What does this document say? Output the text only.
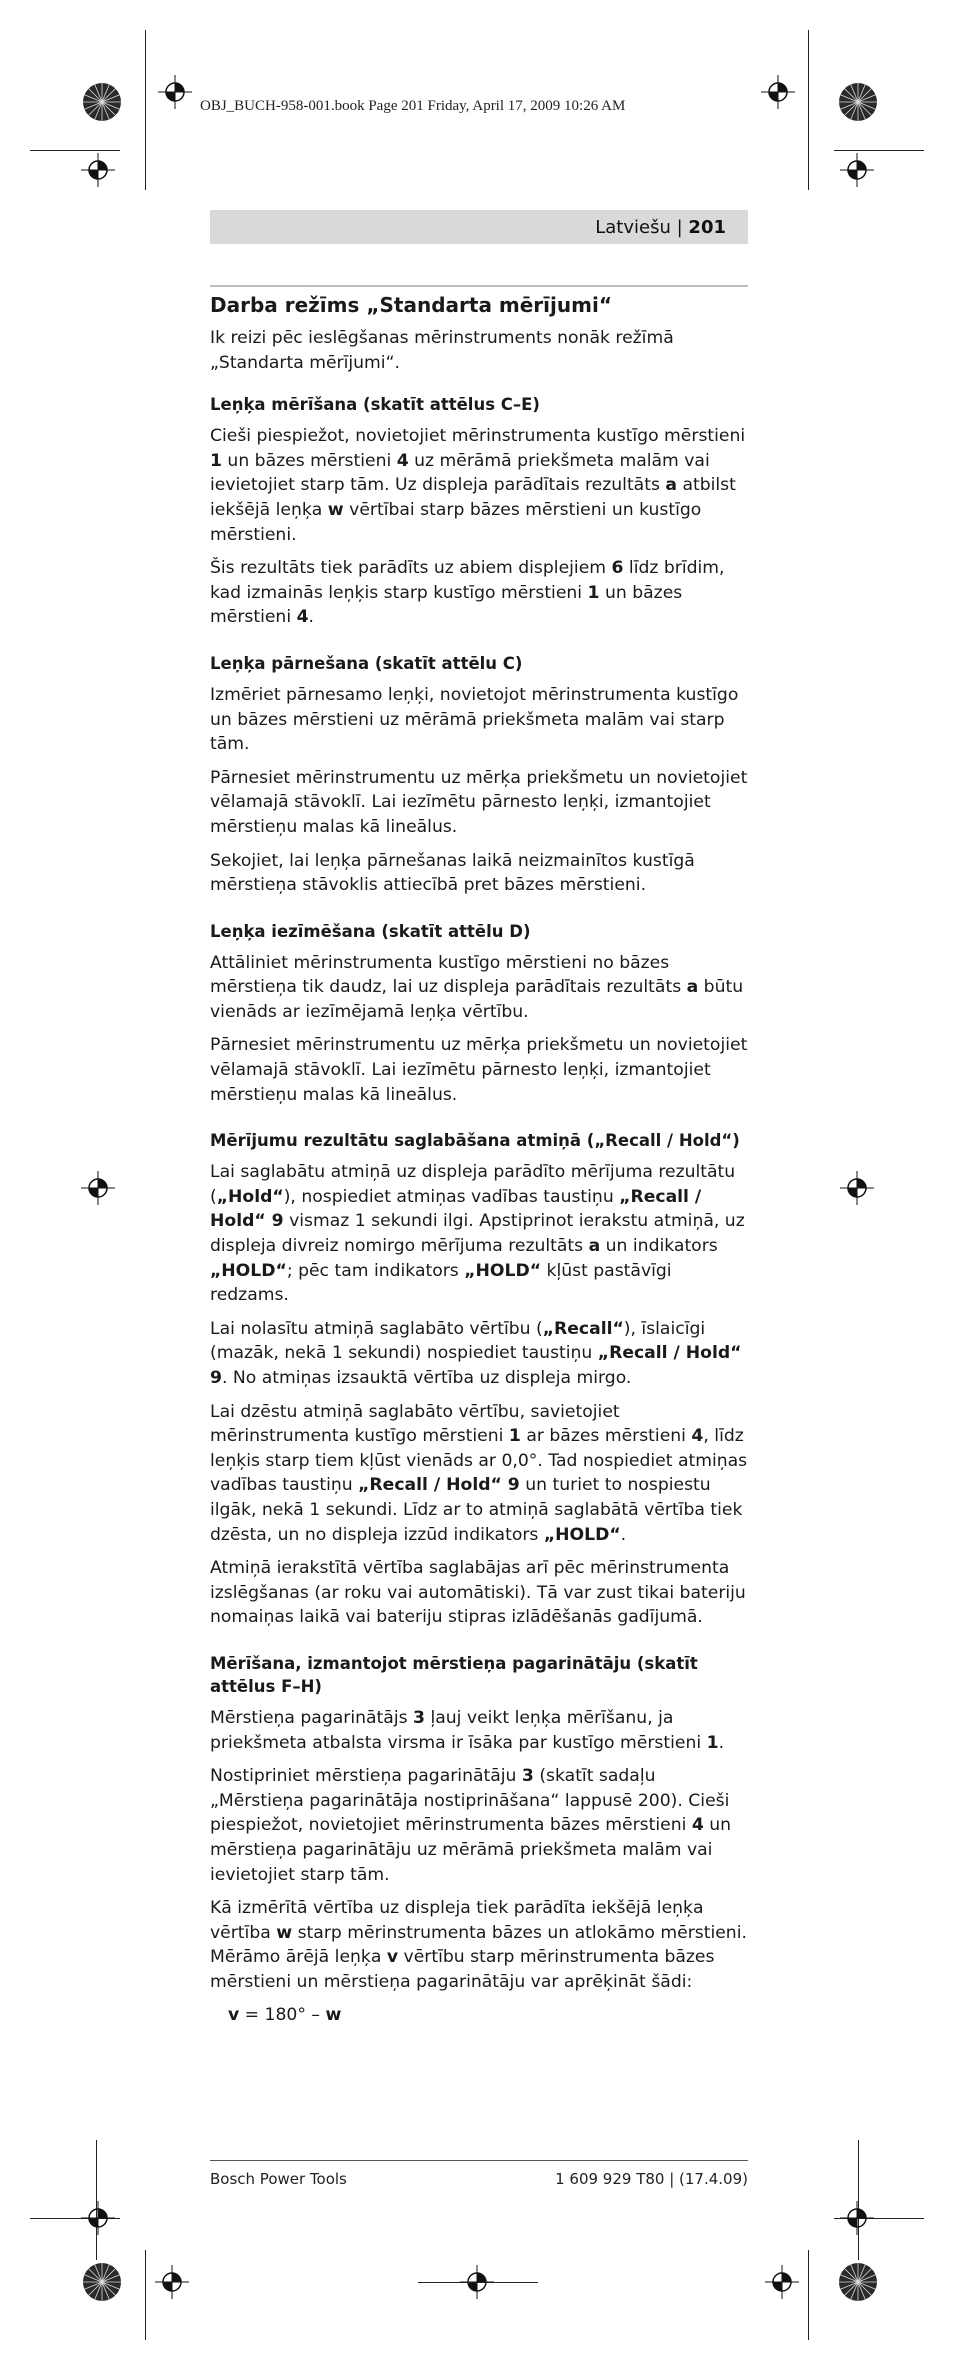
OBJ_BUCH-958-001.book Page 201 Friday, April 17, 2009 10:26 AM
Latviešu | 201
Darba režīms „Standarta mērījumi“

Ik reizi pēc ieslēgšanas mērinstruments nonāk režīmā „Standarta mērījumi“.

Leņķa mērīšana (skatīt attēlus C–E)

Cieši piespiežot, novietojiet mērinstrumenta kustīgo mērstieni 1 un bāzes mērstieni 4 uz mērāmā priekšmeta malām vai ievietojiet starp tām. Uz displeja parādītais rezultāts a atbilst iekšējā leņķa w vērtībai starp bāzes mērstieni un kustīgo mērstieni.

Šis rezultāts tiek parādīts uz abiem displejiem 6 līdz brīdim, kad izmainās leņķis starp kustīgo mērstieni 1 un bāzes mērstieni 4.

Leņķa pārnešana (skatīt attēlu C)

Izmēriet pārnesamo leņķi, novietojot mērinstrumenta kustīgo un bāzes mērstieni uz mērāmā priekšmeta malām vai starp tām.

Pārnesiet mērinstrumentu uz mērķa priekšmetu un novietojiet vēlamajā stāvoklī. Lai iezīmētu pārnesto leņķi, izmantojiet mērstieņu malas kā lineālus.

Sekojiet, lai leņķa pārnešanas laikā neizmainītos kustīgā mērstieņa stāvoklis attiecībā pret bāzes mērstieni.

Leņķa iezīmēšana (skatīt attēlu D)

Attāliniet mērinstrumenta kustīgo mērstieni no bāzes mērstieņa tik daudz, lai uz displeja parādītais rezultāts a būtu vienāds ar iezīmējamā leņķa vērtību.

Pārnesiet mērinstrumentu uz mērķa priekšmetu un novietojiet vēlamajā stāvoklī. Lai iezīmētu pārnesto leņķi, izmantojiet mērstieņu malas kā lineālus.

Mērījumu rezultātu saglabāšana atmiņā („Recall / Hold“)

Lai saglabātu atmiņā uz displeja parādīto mērījuma rezultātu („Hold“), nospiediet atmiņas vadības taustiņu „Recall / Hold“ 9 vismaz 1 sekundi ilgi. Apstiprinot ierakstu atmiņā, uz displeja divreiz nomirgo mērījuma rezultāts a un indikators „HOLD“; pēc tam indikators „HOLD“ kļūst pastāvīgi redzams.

Lai nolasītu atmiņā saglabāto vērtību („Recall“), īslaicīgi (mazāk, nekā 1 sekundi) nospiediet taustiņu „Recall / Hold“ 9. No atmiņas izsauktā vērtība uz displeja mirgo.

Lai dzēstu atmiņā saglabāto vērtību, savietojiet mērinstrumenta kustīgo mērstieni 1 ar bāzes mērstieni 4, līdz leņķis starp tiem kļūst vienāds ar 0,0°. Tad nospiediet atmiņas vadības taustiņu „Recall / Hold“ 9 un turiet to nospiestu ilgāk, nekā 1 sekundi. Līdz ar to atmiņā saglabātā vērtība tiek dzēsta, un no displeja izzūd indikators „HOLD“.

Atmiņā ierakstītā vērtība saglabājas arī pēc mērinstrumenta izslēgšanas (ar roku vai automātiski). Tā var zust tikai bateriju nomaiņas laikā vai bateriju stipras izlādēšanās gadījumā.

Mērīšana, izmantojot mērstieņa pagarinātāju (skatīt attēlus F–H)

Mērstieņa pagarinātājs 3 ļauj veikt leņķa mērīšanu, ja priekšmeta atbalsta virsma ir īsāka par kustīgo mērstieni 1.

Nostipriniet mērstieņa pagarinātāju 3 (skatīt sadaļu „Mērstieņa pagarinātāja nostiprināšana“ lappusē 200). Cieši piespiežot, novietojiet mērinstrumenta bāzes mērstieni 4 un mērstieņa pagarinātāju uz mērāmā priekšmeta malām vai ievietojiet starp tām.

Kā izmērītā vērtība uz displeja tiek parādīta iekšējā leņķa vērtība w starp mērinstrumenta bāzes un atlokāmo mērstieni. Mērāmo ārējā leņķa v vērtību starp mērinstrumenta bāzes mērstieni un mērstieņa pagarinātāju var aprēķināt šādi:

v = 180° – w

Bosch Power Tools	1 609 929 T80 | (17.4.09)
